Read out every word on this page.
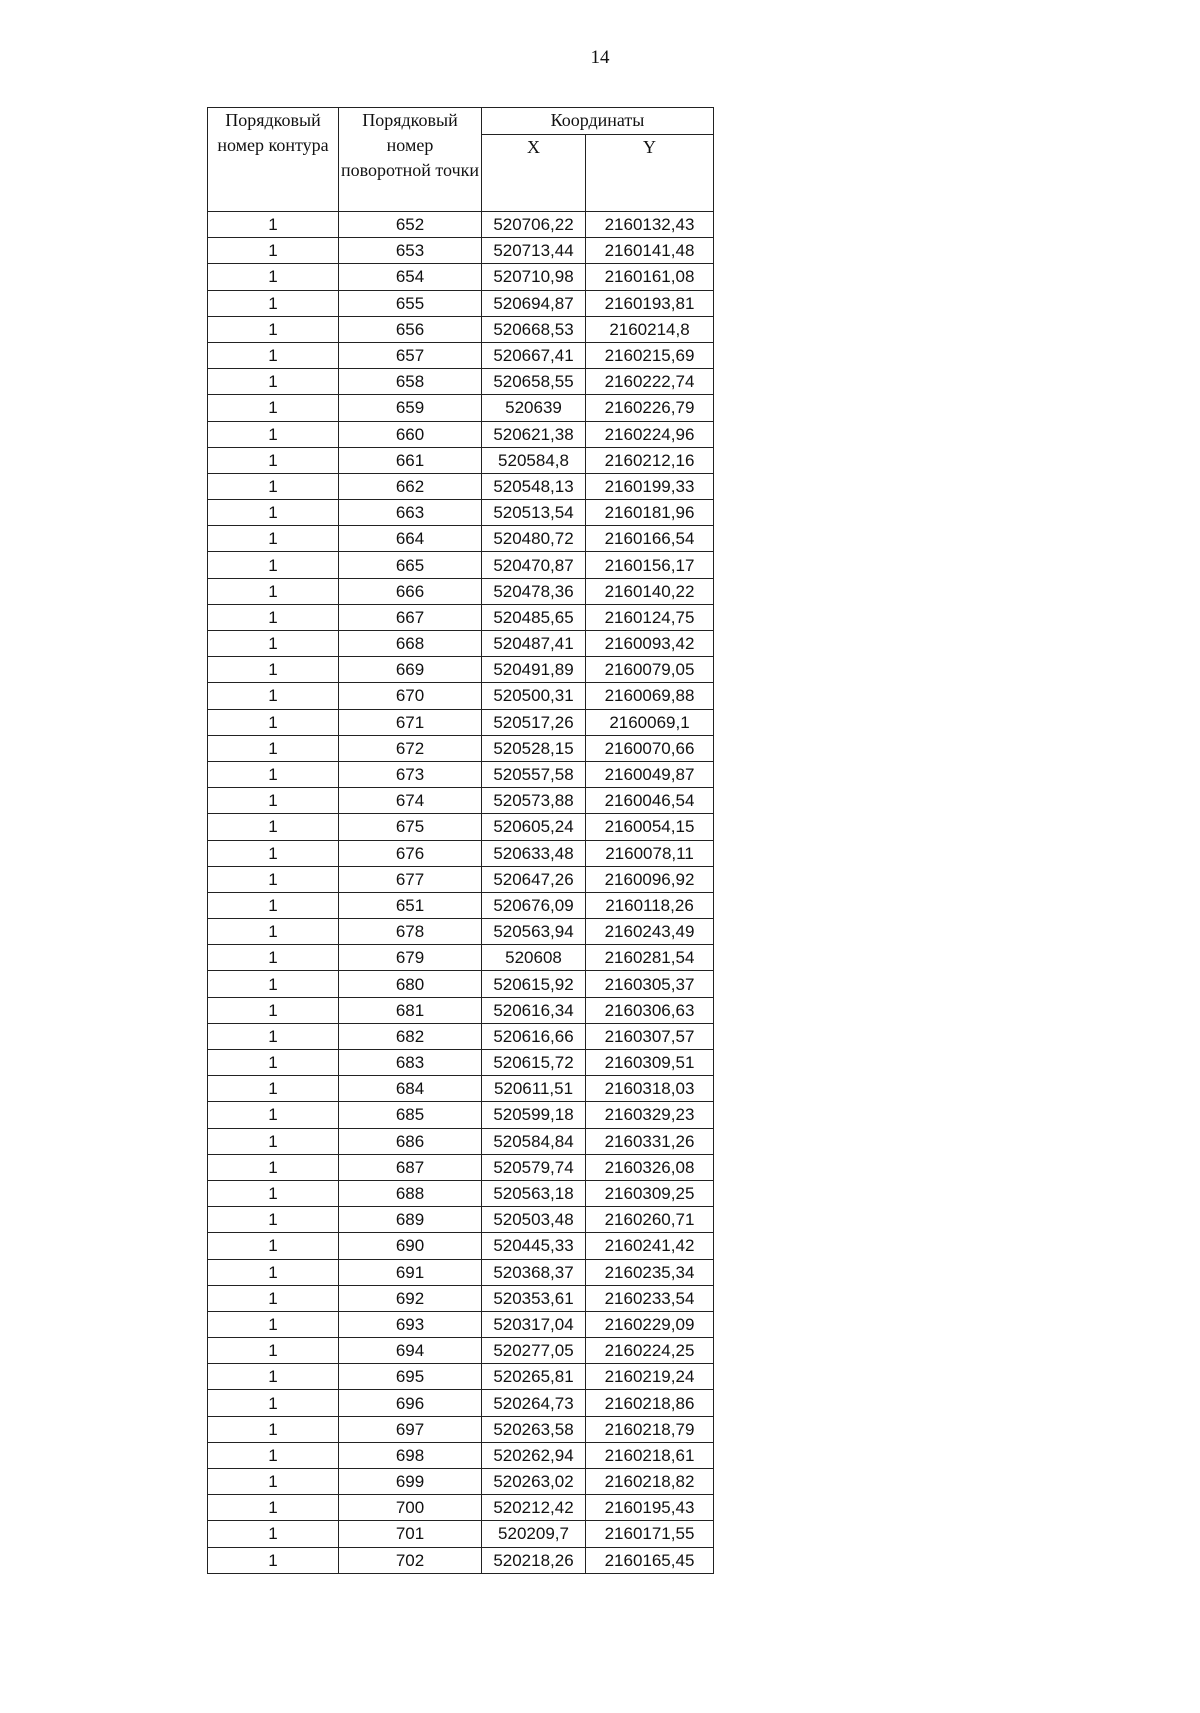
14
Порядковый номер контура	Порядковый номер поворотной точки	Координаты	
		X	Y
1	652	520706,22	2160132,43
1	653	520713,44	2160141,48
1	654	520710,98	2160161,08
1	655	520694,87	2160193,81
1	656	520668,53	2160214,8
1	657	520667,41	2160215,69
1	658	520658,55	2160222,74
1	659	520639	2160226,79
1	660	520621,38	2160224,96
1	661	520584,8	2160212,16
1	662	520548,13	2160199,33
1	663	520513,54	2160181,96
1	664	520480,72	2160166,54
1	665	520470,87	2160156,17
1	666	520478,36	2160140,22
1	667	520485,65	2160124,75
1	668	520487,41	2160093,42
1	669	520491,89	2160079,05
1	670	520500,31	2160069,88
1	671	520517,26	2160069,1
1	672	520528,15	2160070,66
1	673	520557,58	2160049,87
1	674	520573,88	2160046,54
1	675	520605,24	2160054,15
1	676	520633,48	2160078,11
1	677	520647,26	2160096,92
1	651	520676,09	2160118,26
1	678	520563,94	2160243,49
1	679	520608	2160281,54
1	680	520615,92	2160305,37
1	681	520616,34	2160306,63
1	682	520616,66	2160307,57
1	683	520615,72	2160309,51
1	684	520611,51	2160318,03
1	685	520599,18	2160329,23
1	686	520584,84	2160331,26
1	687	520579,74	2160326,08
1	688	520563,18	2160309,25
1	689	520503,48	2160260,71
1	690	520445,33	2160241,42
1	691	520368,37	2160235,34
1	692	520353,61	2160233,54
1	693	520317,04	2160229,09
1	694	520277,05	2160224,25
1	695	520265,81	2160219,24
1	696	520264,73	2160218,86
1	697	520263,58	2160218,79
1	698	520262,94	2160218,61
1	699	520263,02	2160218,82
1	700	520212,42	2160195,43
1	701	520209,7	2160171,55
1	702	520218,26	2160165,45
